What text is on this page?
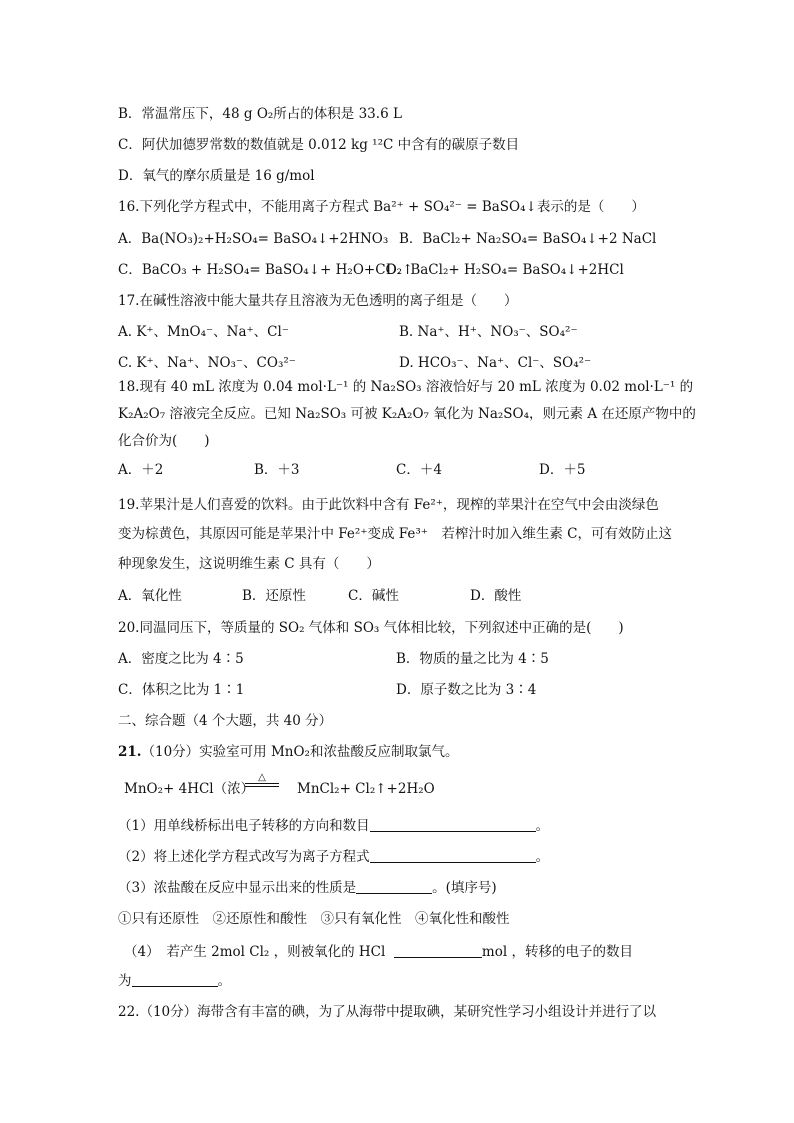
B．常温常压下，48 g O₂所占的体积是 33.6 L
C．阿伏加德罗常数的数值就是 0.012 kg ¹²C 中含有的碳原子数目
D．氧气的摩尔质量是 16 g/mol
16.下列化学方程式中，不能用离子方程式 Ba²⁺ + SO₄²⁻ = BaSO₄↓表示的是（　　）
A．Ba(NO₃)₂+H₂SO₄= BaSO₄↓+2HNO₃ B．BaCl₂+ Na₂SO₄= BaSO₄↓+2 NaCl
C．BaCO₃ + H₂SO₄= BaSO₄↓+ H₂O+CO₂↑
D．BaCl₂+ H₂SO₄= BaSO₄↓+2HCl
17.在碱性溶液中能大量共存且溶液为无色透明的离子组是（　　）
A. K⁺、MnO₄⁻、Na⁺、Cl⁻	B. Na⁺、H⁺、NO₃⁻、SO₄²⁻
C. K⁺、Na⁺、NO₃⁻、CO₃²⁻	D. HCO₃⁻、Na⁺、Cl⁻、SO₄²⁻
18.现有 40 mL 浓度为 0.04 mol·L⁻¹ 的 Na₂SO₃ 溶液恰好与 20 mL 浓度为 0.02 mol·L⁻¹ 的
K₂A₂O₇ 溶液完全反应。已知 Na₂SO₃ 可被 K₂A₂O₇ 氧化为 Na₂SO₄，则元素 A 在还原产物中的
化合价为(　　)
A．＋2	B．＋3	C．＋4	D．＋5
19.苹果汁是人们喜爱的饮料。由于此饮料中含有 Fe²⁺，现榨的苹果汁在空气中会由淡绿色
变为棕黄色，其原因可能是苹果汁中 Fe²⁺变成 Fe³⁺　若榨汁时加入维生素 C，可有效防止这
种现象发生，这说明维生素 C 具有（　　）
A．氧化性	B．还原性	C．碱性	D．酸性
20.同温同压下，等质量的 SO₂ 气体和 SO₃ 气体相比较，下列叙述中正确的是(　　)
A．密度之比为 4∶5	B．物质的量之比为 4∶5
C．体积之比为 1∶1	D．原子数之比为 3∶4
二、综合题（4 个大题，共 40 分）
21.（10分）实验室可用 MnO₂和浓盐酸反应制取氯气。
MnO₂+ 4HCl（浓）
△
MnCl₂+ Cl₂↑+2H₂O
（1）用单线桥标出电子转移的方向和数目	。
（2）将上述化学方程式改写为离子方程式	。
（3）浓盐酸在反应中显示出来的性质是	。(填序号)
①只有还原性　②还原性和酸性　③只有氧化性　④氧化性和酸性
（4）　若产生 2mol Cl₂ ，则被氧化的 HCl	mol ，转移的电子的数目
为	。
22.（10分）海带含有丰富的碘，为了从海带中提取碘，某研究性学习小组设计并进行了以
